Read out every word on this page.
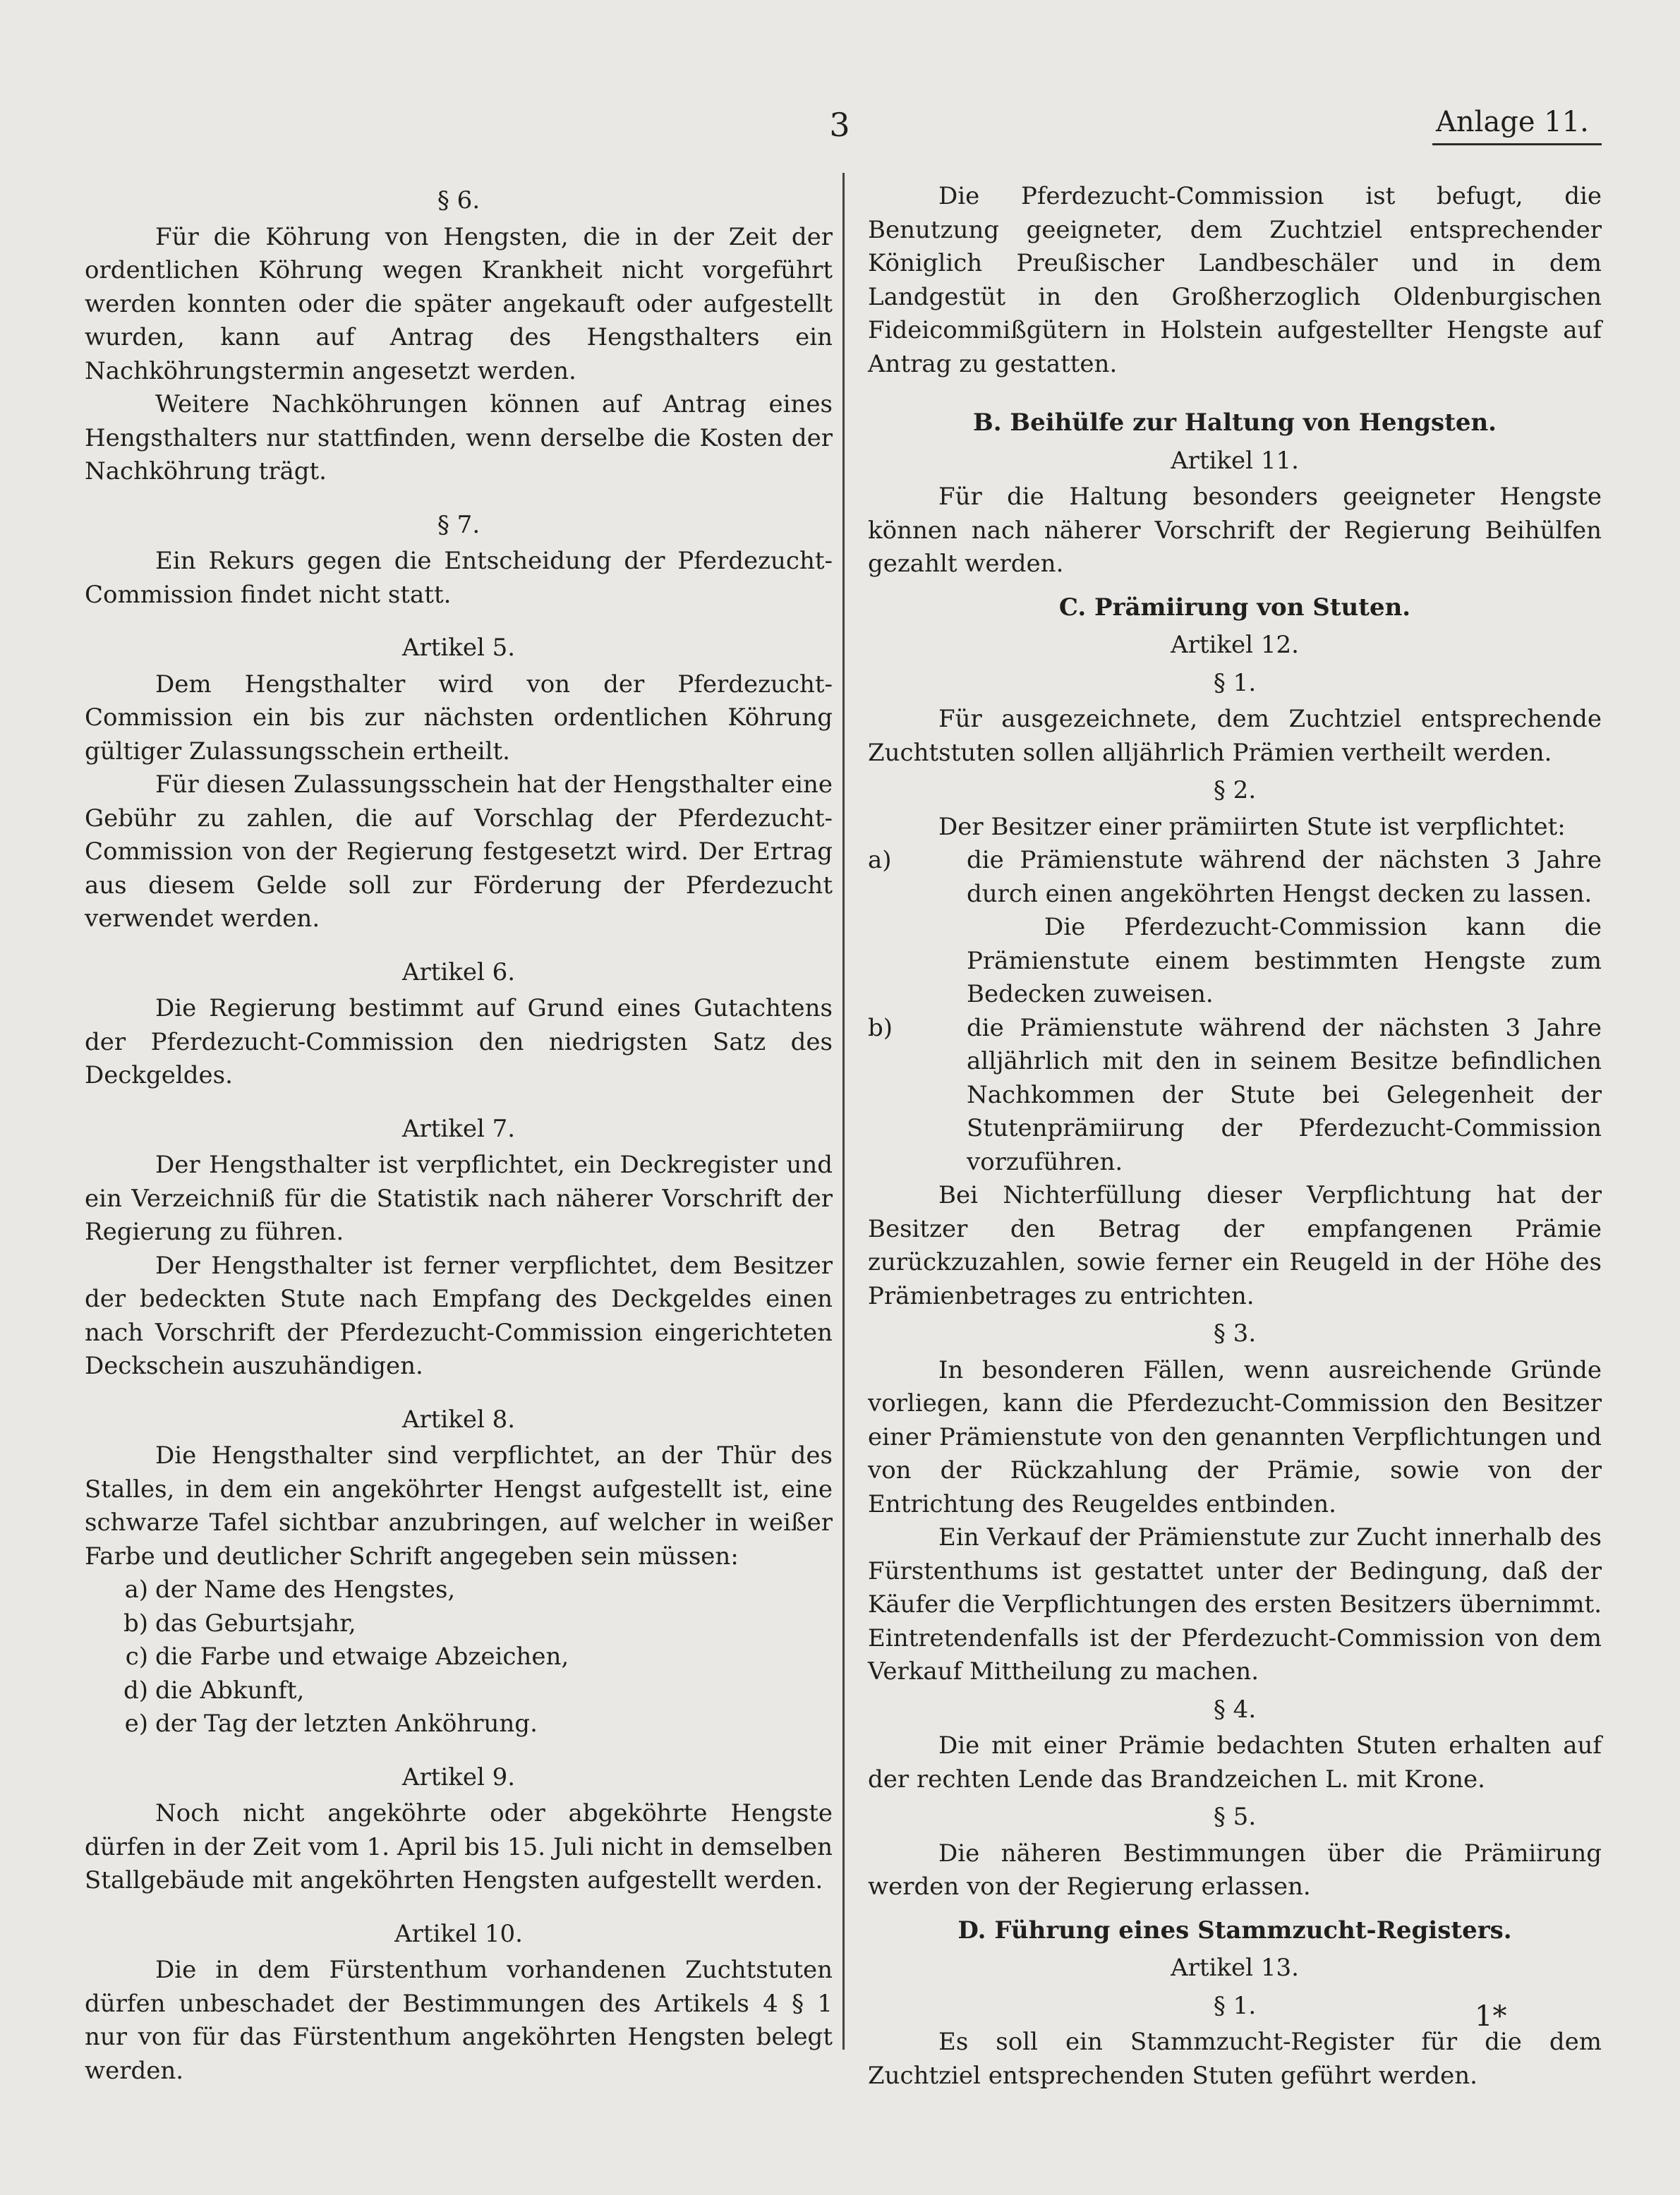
3	Anlage 11.
§ 6.

Für die Köhrung von Hengsten, die in der Zeit der ordentlichen Köhrung wegen Krankheit nicht vorgeführt werden konnten oder die später angekauft oder aufgestellt wurden, kann auf Antrag des Hengsthalters ein Nachköhrungstermin angesetzt werden.

Weitere Nachköhrungen können auf Antrag eines Hengsthalters nur stattfinden, wenn derselbe die Kosten der Nachköhrung trägt.

§ 7.

Ein Rekurs gegen die Entscheidung der Pferdezucht-Commission findet nicht statt.

Artikel 5.

Dem Hengsthalter wird von der Pferdezucht-Commission ein bis zur nächsten ordentlichen Köhrung gültiger Zulassungsschein ertheilt.

Für diesen Zulassungsschein hat der Hengsthalter eine Gebühr zu zahlen, die auf Vorschlag der Pferdezucht-Commission von der Regierung festgesetzt wird. Der Ertrag aus diesem Gelde soll zur Förderung der Pferdezucht verwendet werden.

Artikel 6.

Die Regierung bestimmt auf Grund eines Gutachtens der Pferdezucht-Commission den niedrigsten Satz des Deckgeldes.

Artikel 7.

Der Hengsthalter ist verpflichtet, ein Deckregister und ein Verzeichniß für die Statistik nach näherer Vorschrift der Regierung zu führen.

Der Hengsthalter ist ferner verpflichtet, dem Besitzer der bedeckten Stute nach Empfang des Deckgeldes einen nach Vorschrift der Pferdezucht-Commission eingerichteten Deckschein auszuhändigen.

Artikel 8.

Die Hengsthalter sind verpflichtet, an der Thür des Stalles, in dem ein angeköhrter Hengst aufgestellt ist, eine schwarze Tafel sichtbar anzubringen, auf welcher in weißer Farbe und deutlicher Schrift angegeben sein müssen:

a) der Name des Hengstes,
b) das Geburtsjahr,
c) die Farbe und etwaige Abzeichen,
d) die Abkunft,
e) der Tag der letzten Anköhrung.
Artikel 9.

Noch nicht angeköhrte oder abgeköhrte Hengste dürfen in der Zeit vom 1. April bis 15. Juli nicht in demselben Stallgebäude mit angeköhrten Hengsten aufgestellt werden.

Artikel 10.

Die in dem Fürstenthum vorhandenen Zuchtstuten dürfen unbeschadet der Bestimmungen des Artikels 4 § 1 nur von für das Fürstenthum angeköhrten Hengsten belegt werden.

Die Pferdezucht-Commission ist befugt, die Benutzung geeigneter, dem Zuchtziel entsprechender Königlich Preußischer Landbeschäler und in dem Landgestüt in den Großherzoglich Oldenburgischen Fideicommißgütern in Holstein aufgestellter Hengste auf Antrag zu gestatten.

B. Beihülfe zur Haltung von Hengsten.
Artikel 11.

Für die Haltung besonders geeigneter Hengste können nach näherer Vorschrift der Regierung Beihülfen gezahlt werden.

C. Prämiirung von Stuten.
Artikel 12.
§ 1.

Für ausgezeichnete, dem Zuchtziel entsprechende Zuchtstuten sollen alljährlich Prämien vertheilt werden.

§ 2.

Der Besitzer einer prämiirten Stute ist verpflichtet:

a)	die Prämienstute während der nächsten 3 Jahre durch einen angeköhrten Hengst decken zu lassen.

Die Pferdezucht-Commission kann die Prämienstute einem bestimmten Hengste zum Bedecken zuweisen.

b)	die Prämienstute während der nächsten 3 Jahre alljährlich mit den in seinem Besitze befindlichen Nachkommen der Stute bei Gelegenheit der Stutenprämiirung der Pferdezucht-Commission vorzuführen.

Bei Nichterfüllung dieser Verpflichtung hat der Besitzer den Betrag der empfangenen Prämie zurückzuzahlen, sowie ferner ein Reugeld in der Höhe des Prämienbetrages zu entrichten.

§ 3.

In besonderen Fällen, wenn ausreichende Gründe vorliegen, kann die Pferdezucht-Commission den Besitzer einer Prämienstute von den genannten Verpflichtungen und von der Rückzahlung der Prämie, sowie von der Entrichtung des Reugeldes entbinden.

Ein Verkauf der Prämienstute zur Zucht innerhalb des Fürstenthums ist gestattet unter der Bedingung, daß der Käufer die Verpflichtungen des ersten Besitzers übernimmt. Eintretendenfalls ist der Pferdezucht-Commission von dem Verkauf Mittheilung zu machen.

§ 4.

Die mit einer Prämie bedachten Stuten erhalten auf der rechten Lende das Brandzeichen L. mit Krone.

§ 5.

Die näheren Bestimmungen über die Prämiirung werden von der Regierung erlassen.

D. Führung eines Stammzucht-Registers.
Artikel 13.
§ 1.

Es soll ein Stammzucht-Register für die dem Zuchtziel entsprechenden Stuten geführt werden.

1*
